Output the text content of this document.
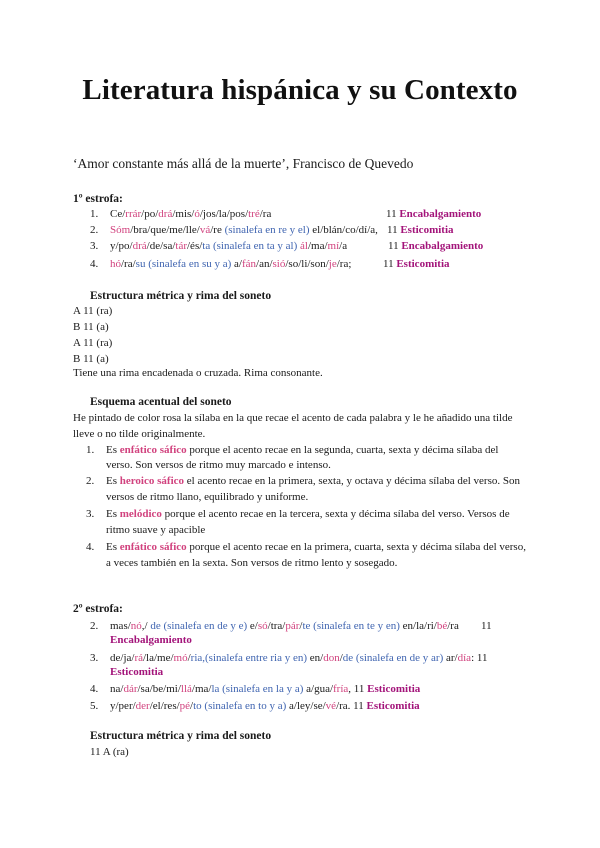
Literatura hispánica y su Contexto
‘Amor constante más allá de la muerte’, Francisco de Quevedo
1º estrofa:
1. Ce/rrár/po/drá/mis/ó/jos/la/pos/tré/ra	11 Encabalgamiento
2. Sóm/bra/que/me/lle/vá/re (sinalefa en re y el) el/blán/co/dí/a, 11 Esticomitia
3. y/po/drá/de/sa/tár/és/ta (sinalefa en ta y al) ál/ma/mí/a	11 Encabalgamiento
4. hó/ra/su (sinalefa en su y a) a/fán/an/sió/so/li/son/je/ra;	11 Esticomitia
Estructura métrica y rima del soneto
A 11 (ra)
B 11 (a)
A 11 (ra)
B 11 (a)
Tiene una rima encadenada o cruzada. Rima consonante.
Esquema acentual del soneto
He pintado de color rosa la sílaba en la que recae el acento de cada palabra y le he añadido una tilde
lleve o no tilde originalmente.
1. Es enfático sáfico porque el acento recae en la segunda, cuarta, sexta y décima sílaba del
verso. Son versos de ritmo muy marcado e intenso.
2. Es heroico sáfico el acento recae en la primera, sexta, y octava y décima sílaba del verso. Son
versos de ritmo llano, equilibrado y uniforme.
3. Es melódico porque el acento recae en la tercera, sexta y décima sílaba del verso. Versos de
ritmo suave y apacible
4. Es enfático sáfico porque el acento recae en la primera, cuarta, sexta y décima sílaba del verso,
a veces también en la sexta. Son versos de ritmo lento y sosegado.
2º estrofa:
2. mas/nó,/ de (sinalefa en de y e) e/só/tra/pár/te (sinalefa en te y en) en/la/ri/bé/ra 11
Encabalgamiento
3. de/ja/rá/la/me/mó/ria,(sinalefa entre ria y en) en/don/de (sinalefa en de y ar) ar/día: 11
Esticomitia
4. na/dár/sa/be/mi/llá/ma/la (sinalefa en la y a) a/gua/fría, 11 Esticomitia
5. y/per/der/el/res/pé/to (sinalefa en to y a) a/ley/se/vé/ra. 11 Esticomitia
Estructura métrica y rima del soneto
11 A (ra)
